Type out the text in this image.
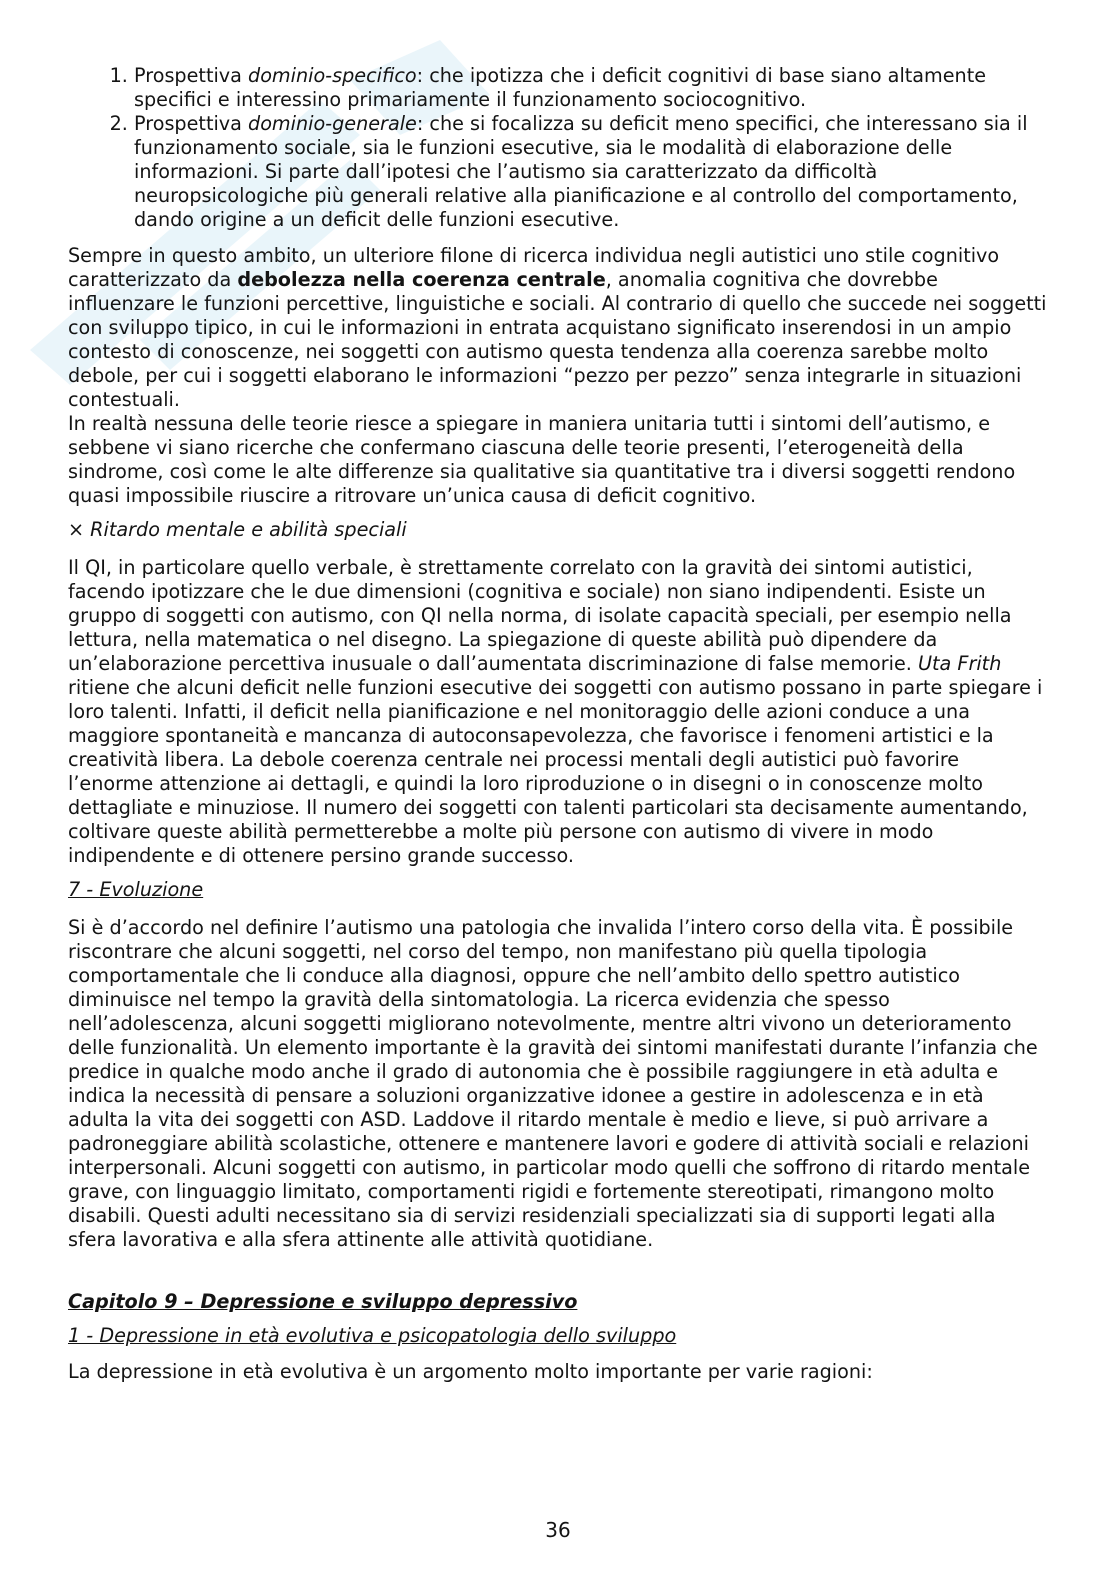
1. Prospettiva dominio-specifico: che ipotizza che i deficit cognitivi di base siano altamente specifici e interessino primariamente il funzionamento sociocognitivo.
2. Prospettiva dominio-generale: che si focalizza su deficit meno specifici, che interessano sia il funzionamento sociale, sia le funzioni esecutive, sia le modalità di elaborazione delle informazioni. Si parte dall’ipotesi che l’autismo sia caratterizzato da difficoltà neuropsicologiche più generali relative alla pianificazione e al controllo del comportamento, dando origine a un deficit delle funzioni esecutive.

Sempre in questo ambito, un ulteriore filone di ricerca individua negli autistici uno stile cognitivo caratterizzato da debolezza nella coerenza centrale, anomalia cognitiva che dovrebbe influenzare le funzioni percettive, linguistiche e sociali. Al contrario di quello che succede nei soggetti con sviluppo tipico, in cui le informazioni in entrata acquistano significato inserendosi in un ampio contesto di conoscenze, nei soggetti con autismo questa tendenza alla coerenza sarebbe molto debole, per cui i soggetti elaborano le informazioni “pezzo per pezzo” senza integrarle in situazioni contestuali.

In realtà nessuna delle teorie riesce a spiegare in maniera unitaria tutti i sintomi dell’autismo, e sebbene vi siano ricerche che confermano ciascuna delle teorie presenti, l’eterogeneità della sindrome, così come le alte differenze sia qualitative sia quantitative tra i diversi soggetti rendono quasi impossibile riuscire a ritrovare un’unica causa di deficit cognitivo.

× Ritardo mentale e abilità speciali

Il QI, in particolare quello verbale, è strettamente correlato con la gravità dei sintomi autistici, facendo ipotizzare che le due dimensioni (cognitiva e sociale) non siano indipendenti. Esiste un gruppo di soggetti con autismo, con QI nella norma, di isolate capacità speciali, per esempio nella lettura, nella matematica o nel disegno. La spiegazione di queste abilità può dipendere da un’elaborazione percettiva inusuale o dall’aumentata discriminazione di false memorie. Uta Frith ritiene che alcuni deficit nelle funzioni esecutive dei soggetti con autismo possano in parte spiegare i loro talenti. Infatti, il deficit nella pianificazione e nel monitoraggio delle azioni conduce a una maggiore spontaneità e mancanza di autoconsapevolezza, che favorisce i fenomeni artistici e la creatività libera. La debole coerenza centrale nei processi mentali degli autistici può favorire l’enorme attenzione ai dettagli, e quindi la loro riproduzione o in disegni o in conoscenze molto dettagliate e minuziose. Il numero dei soggetti con talenti particolari sta decisamente aumentando, coltivare queste abilità permetterebbe a molte più persone con autismo di vivere in modo indipendente e di ottenere persino grande successo.

7 - Evoluzione

Si è d’accordo nel definire l’autismo una patologia che invalida l’intero corso della vita. È possibile riscontrare che alcuni soggetti, nel corso del tempo, non manifestano più quella tipologia comportamentale che li conduce alla diagnosi, oppure che nell’ambito dello spettro autistico diminuisce nel tempo la gravità della sintomatologia. La ricerca evidenzia che spesso nell’adolescenza, alcuni soggetti migliorano notevolmente, mentre altri vivono un deterioramento delle funzionalità. Un elemento importante è la gravità dei sintomi manifestati durante l’infanzia che predice in qualche modo anche il grado di autonomia che è possibile raggiungere in età adulta e indica la necessità di pensare a soluzioni organizzative idonee a gestire in adolescenza e in età adulta la vita dei soggetti con ASD. Laddove il ritardo mentale è medio e lieve, si può arrivare a padroneggiare abilità scolastiche, ottenere e mantenere lavori e godere di attività sociali e relazioni interpersonali. Alcuni soggetti con autismo, in particolar modo quelli che soffrono di ritardo mentale grave, con linguaggio limitato, comportamenti rigidi e fortemente stereotipati, rimangono molto disabili. Questi adulti necessitano sia di servizi residenziali specializzati sia di supporti legati alla sfera lavorativa e alla sfera attinente alle attività quotidiane.

Capitolo 9 – Depressione e sviluppo depressivo

1 - Depressione in età evolutiva e psicopatologia dello sviluppo

La depressione in età evolutiva è un argomento molto importante per varie ragioni:

36
